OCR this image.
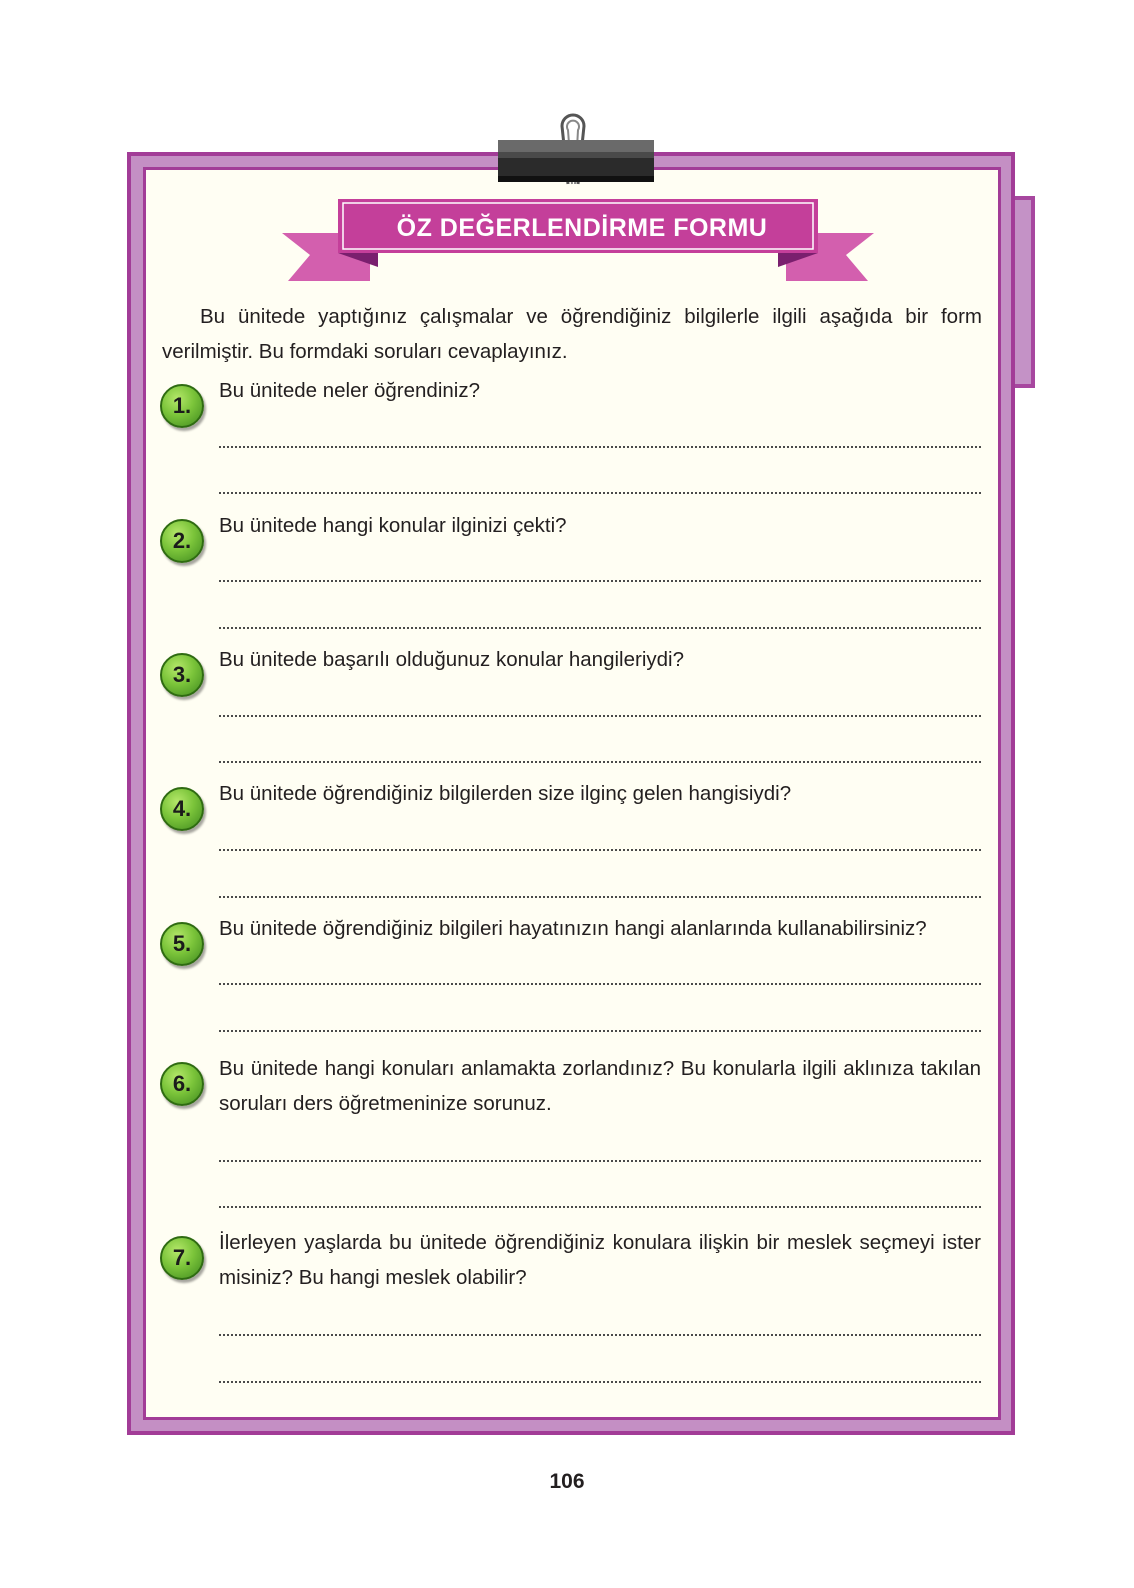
ÖZ DEĞERLENDİRME FORMU

Bu ünitede yaptığınız çalışmalar ve öğrendiğiniz bilgilerle ilgili aşağıda bir form verilmiştir. Bu formdaki soruları cevaplayınız.

1.

Bu ünitede neler öğrendiniz?

2.

Bu ünitede hangi konular ilginizi çekti?

3.

Bu ünitede başarılı olduğunuz konular hangileriydi?

4.

Bu ünitede öğrendiğiniz bilgilerden size ilginç gelen hangisiydi?

5.

Bu ünitede öğrendiğiniz bilgileri hayatınızın hangi alanlarında kullanabilirsiniz?

6.

Bu ünitede hangi konuları anlamakta zorlandınız? Bu konularla ilgili aklınıza takılan soruları ders öğretmeninize sorunuz.

7.

İlerleyen yaşlarda bu ünitede öğrendiğiniz konulara ilişkin bir meslek seçmeyi ister misiniz? Bu hangi meslek olabilir?

106
